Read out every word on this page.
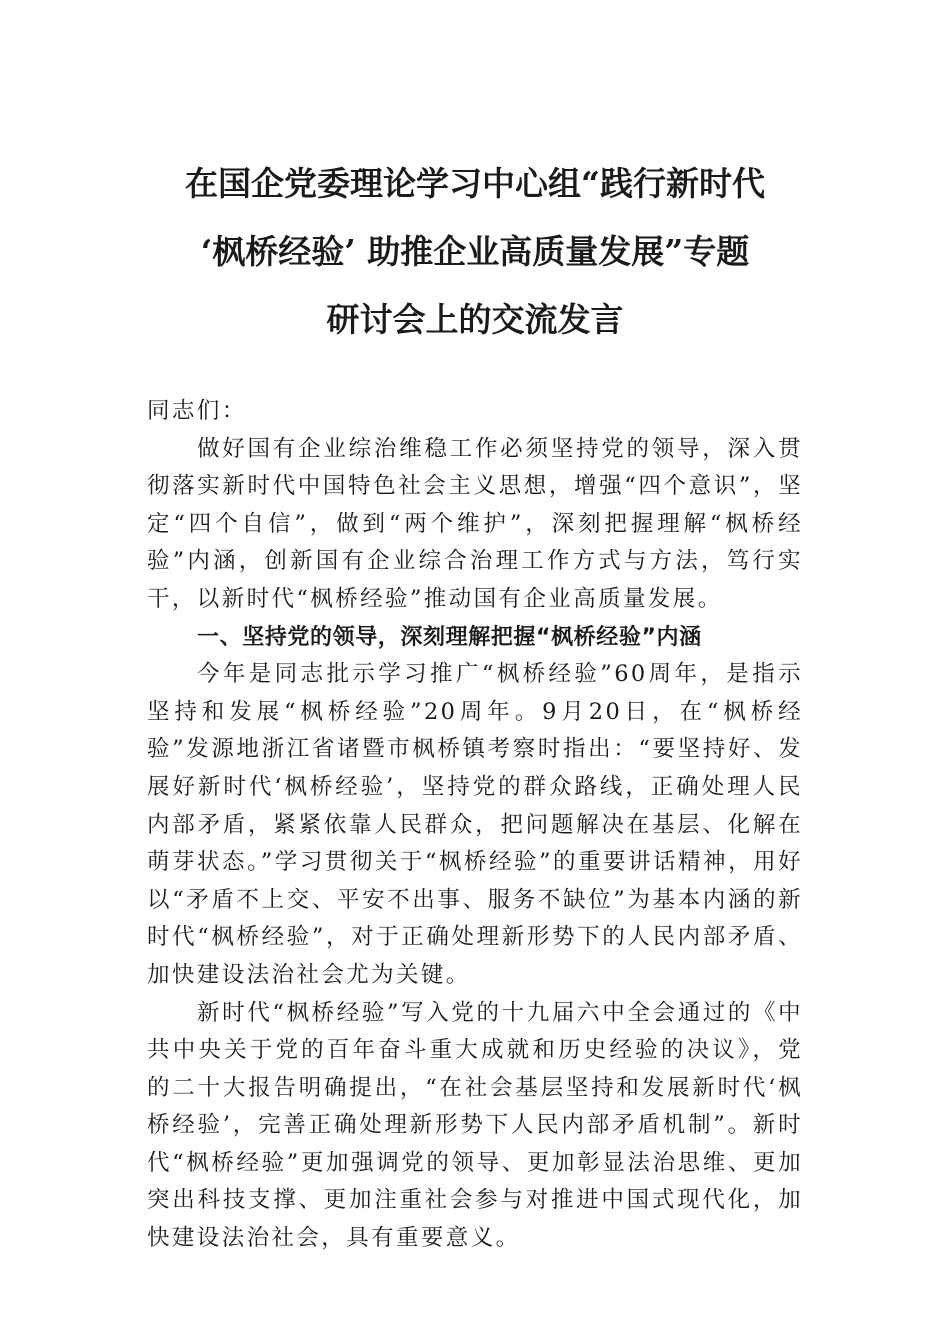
在国企党委理论学习中心组“践行新时代
‘枫桥经验’ 助推企业高质量发展”专题
研讨会上的交流发言

同志们：

做好国有企业综治维稳工作必须坚持党的领导，深入贯彻落实新时代中国特色社会主义思想，增强“四个意识”，坚定“四个自信”，做到“两个维护”，深刻把握理解“枫桥经验”内涵，创新国有企业综合治理工作方式与方法，笃行实干，以新时代“枫桥经验”推动国有企业高质量发展。

一、坚持党的领导，深刻理解把握“枫桥经验”内涵

今年是同志批示学习推广“枫桥经验”60周年，是指示坚持和发展“枫桥经验”20周年。9月20日，在“枫桥经验”发源地浙江省诸暨市枫桥镇考察时指出：“要坚持好、发展好新时代‘枫桥经验’，坚持党的群众路线，正确处理人民内部矛盾，紧紧依靠人民群众，把问题解决在基层、化解在萌芽状态。”学习贯彻关于“枫桥经验”的重要讲话精神，用好以“矛盾不上交、平安不出事、服务不缺位”为基本内涵的新时代“枫桥经验”，对于正确处理新形势下的人民内部矛盾、加快建设法治社会尤为关键。

新时代“枫桥经验”写入党的十九届六中全会通过的《中共中央关于党的百年奋斗重大成就和历史经验的决议》，党的二十大报告明确提出，“在社会基层坚持和发展新时代‘枫桥经验’，完善正确处理新形势下人民内部矛盾机制”。新时代“枫桥经验”更加强调党的领导、更加彰显法治思维、更加突出科技支撑、更加注重社会参与对推进中国式现代化，加快建设法治社会，具有重要意义。
